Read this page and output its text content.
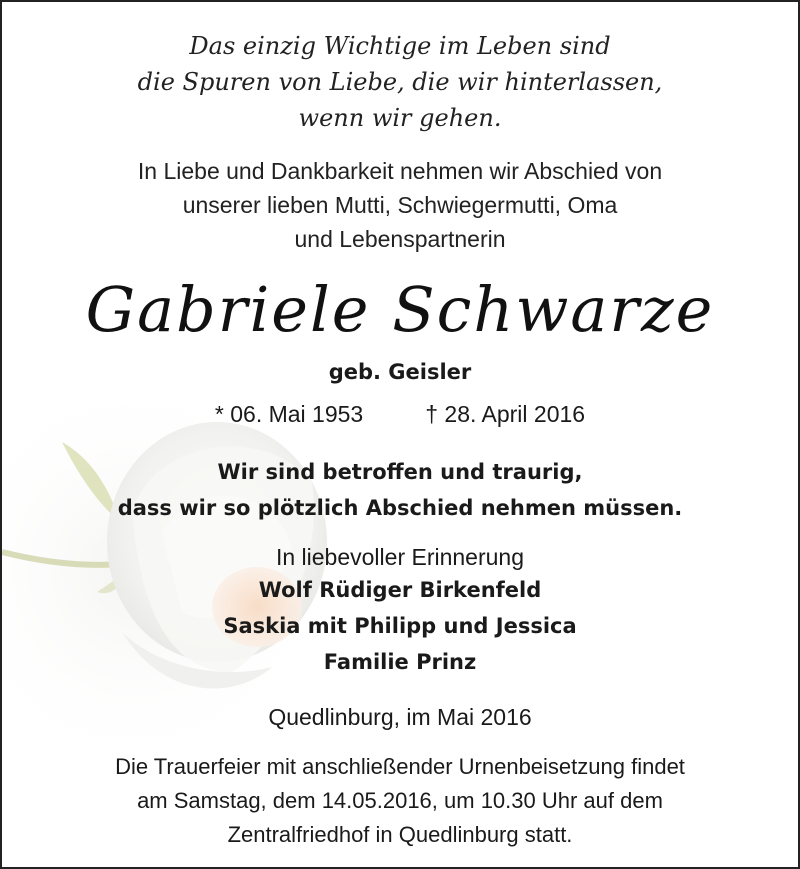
Das einzig Wichtige im Leben sind
die Spuren von Liebe, die wir hinterlassen,
wenn wir gehen.
In Liebe und Dankbarkeit nehmen wir Abschied von
unserer lieben Mutti, Schwiegermutti, Oma
und Lebenspartnerin
Gabriele Schwarze
geb. Geisler
* 06. Mai 1953	† 28. April 2016
Wir sind betroffen und traurig,
dass wir so plötzlich Abschied nehmen müssen.
In liebevoller Erinnerung
Wolf Rüdiger Birkenfeld
Saskia mit Philipp und Jessica
Familie Prinz
Quedlinburg, im Mai 2016
Die Trauerfeier mit anschließender Urnenbeisetzung findet
am Samstag, dem 14.05.2016, um 10.30 Uhr auf dem
Zentralfriedhof in Quedlinburg statt.
